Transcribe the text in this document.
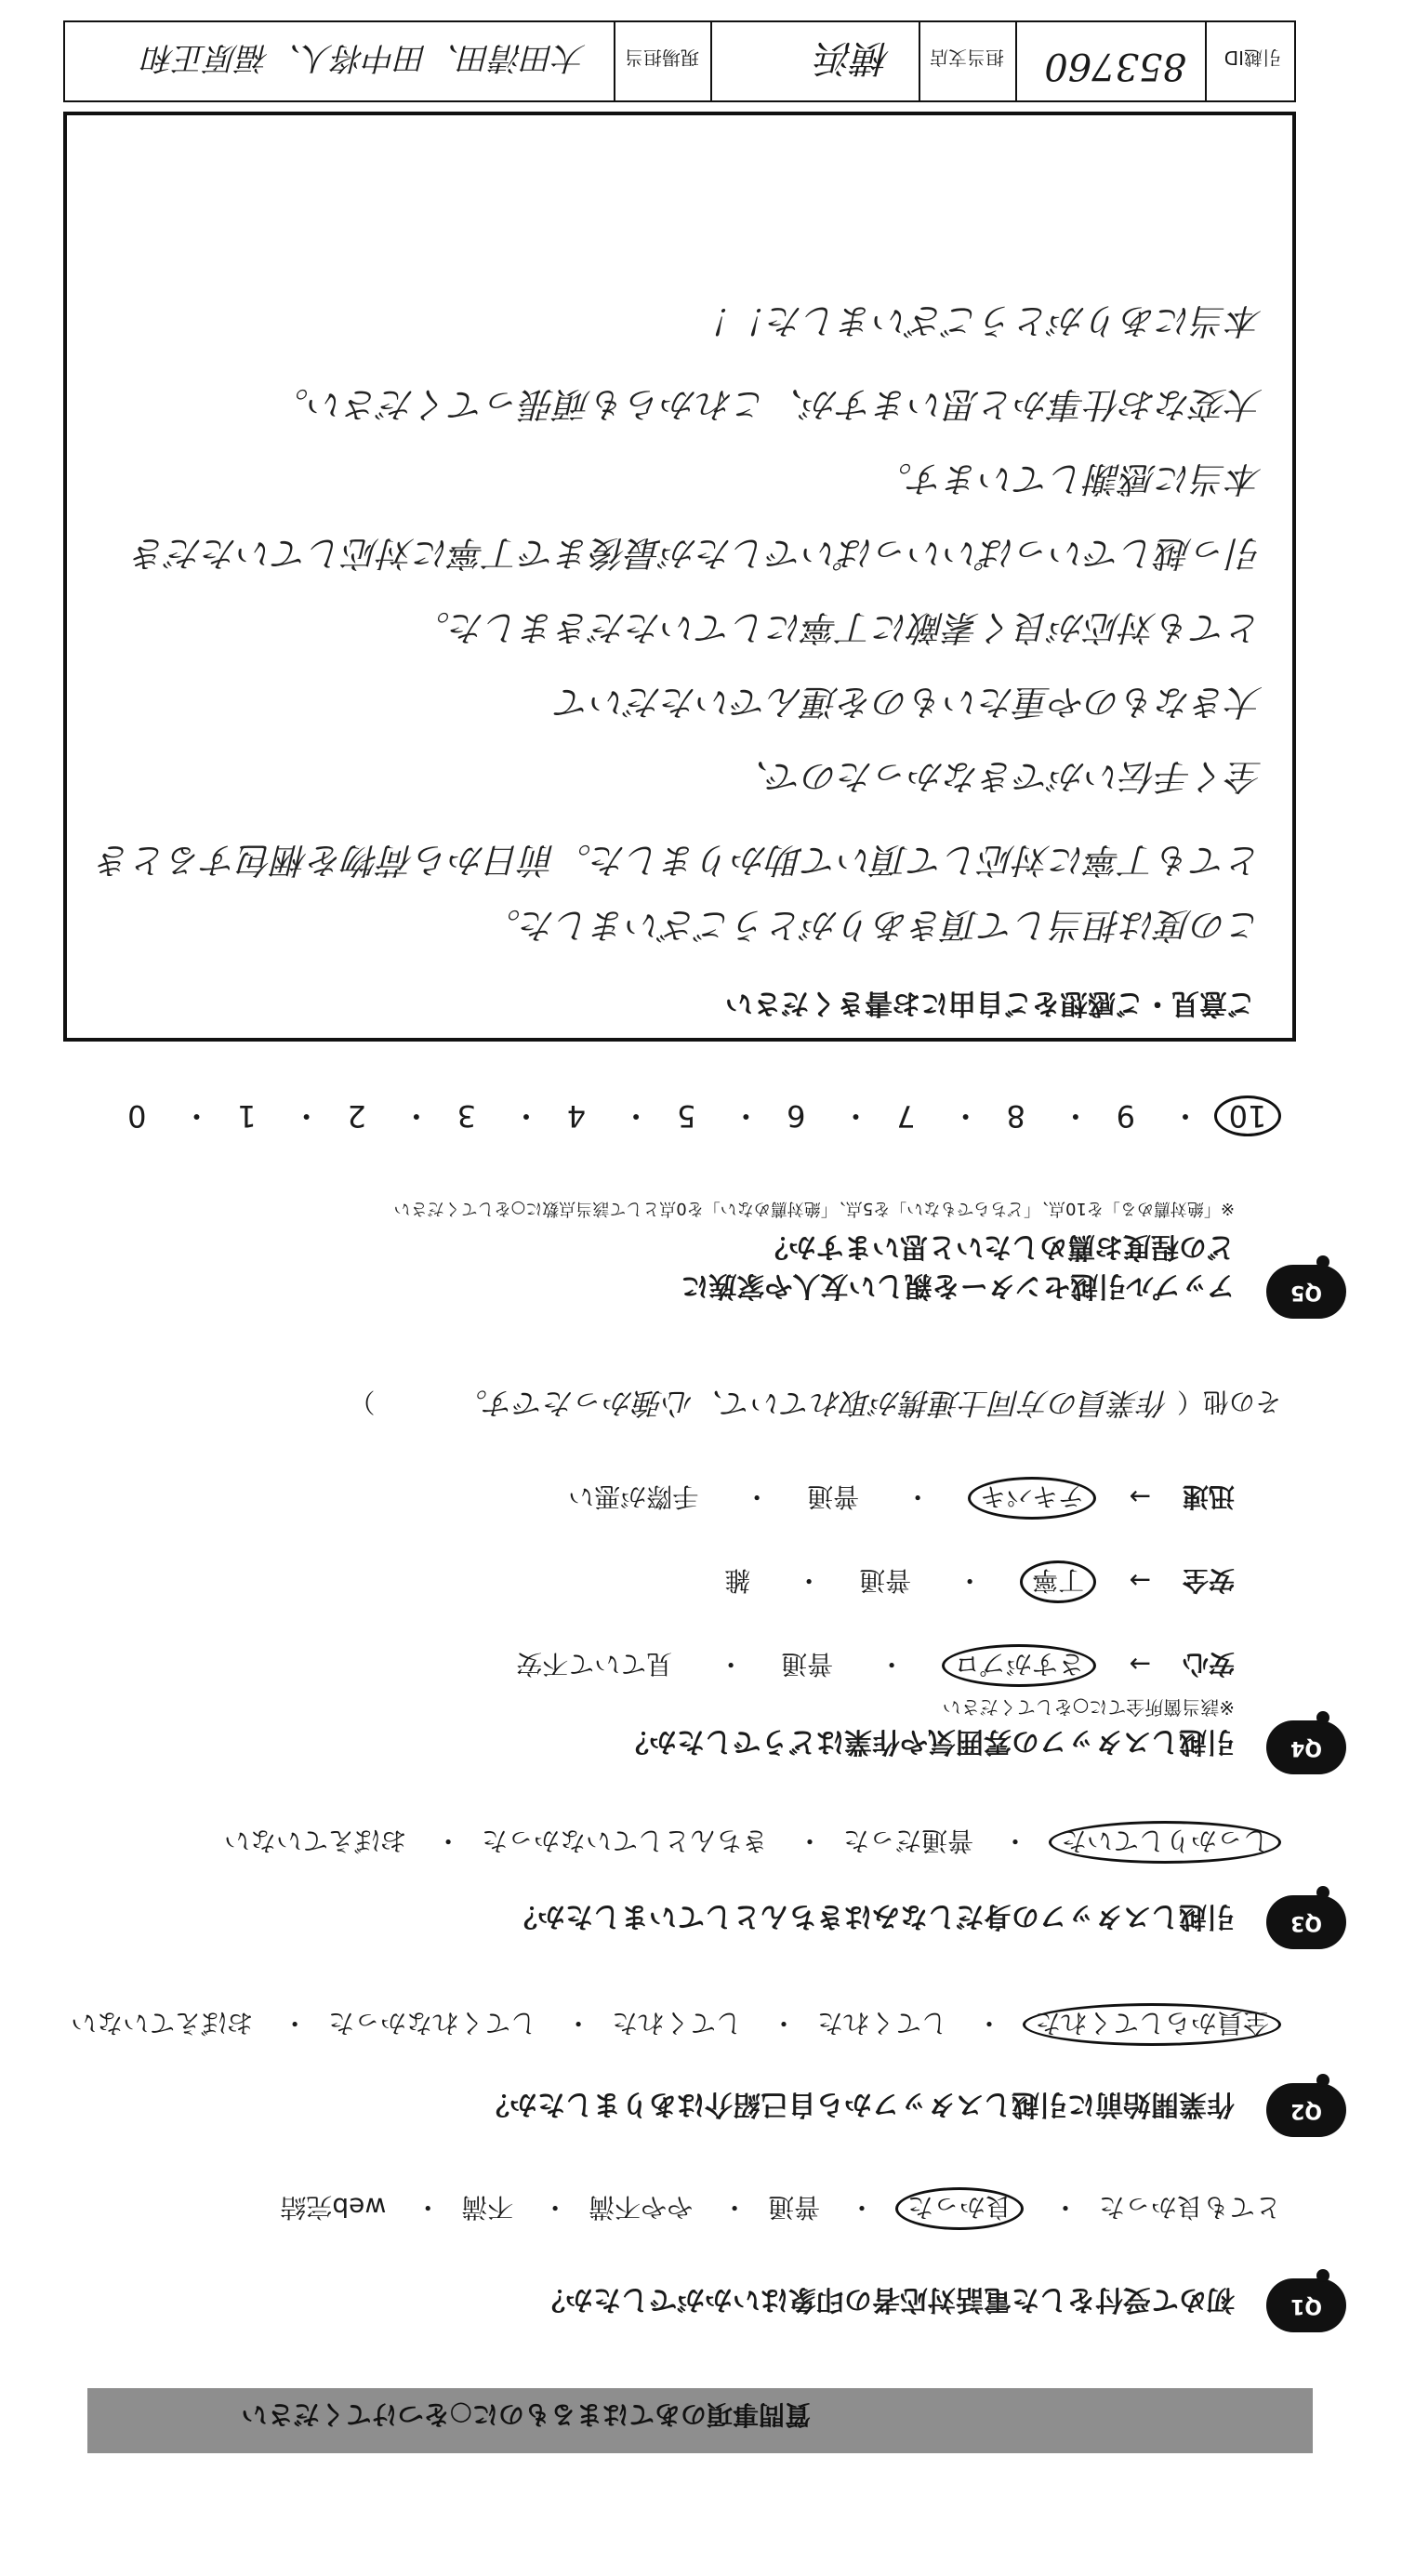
質問事項のあてはまるものに○をつけてください
Q1
初めて受付をした電話対応者の印象はいかがでしたか？
とても良かった・ 良かった・ 普通・ やや不満・ 不満・ web完結
Q2
作業開始前に引越しスタッフから自己紹介はありましたか？
全員からしてくれた・ してくれた・ してくれた・ してくれなかった・ おぼえていない
Q3
引越しスタッフの身だしなみはきちんとしていましたか？
しっかりしていた・ 普通だった・ きちんとしていなかった・ おぼえていない
Q4
引越しスタッフの雰囲気や作業はどうでしたか？
※該当箇所全てに○をしてください
安心→ さすがプロ・ 普通・ 見ていて不安
安全→ 丁寧・ 普通・ 雑
迅速→ テキパキ・ 普通・ 手際が悪い
その他（ 作業員の方同士連携が取れていて、心強かったです。 ）
Q5
アップル引越センターを親しい友人や家族に
どの程度お薦めしたいと思いますか？
※「絶対薦める」を10点、「どちらでもない」を5点、「絶対薦めない」を0点として該当点数に○をしてください
10・ 9・ 8・ 7・ 6・ 5・ 4・ 3・ 2・ 1・ 0
ご意見・ご感想をご自由にお書きください
この度は担当して頂きありがとうございました。
とても丁寧に対応して頂いて助かりました。前日から荷物を梱包するとき
全く手伝いができなかったので、
大きなものや重たいものを運んでいただいて
とても対応が良く素敵に丁寧にしていただきました。
引っ越しでいっぱいいっぱいでしたが最後まで丁寧に対応していただき
本当に感謝しています。
大変なお仕事かと思いますが、これからも頑張ってください。
本当にありがとうございました！！
引越ID
853760
担当支店
横浜
現場担当
大田清田、田中将人、福原正和
